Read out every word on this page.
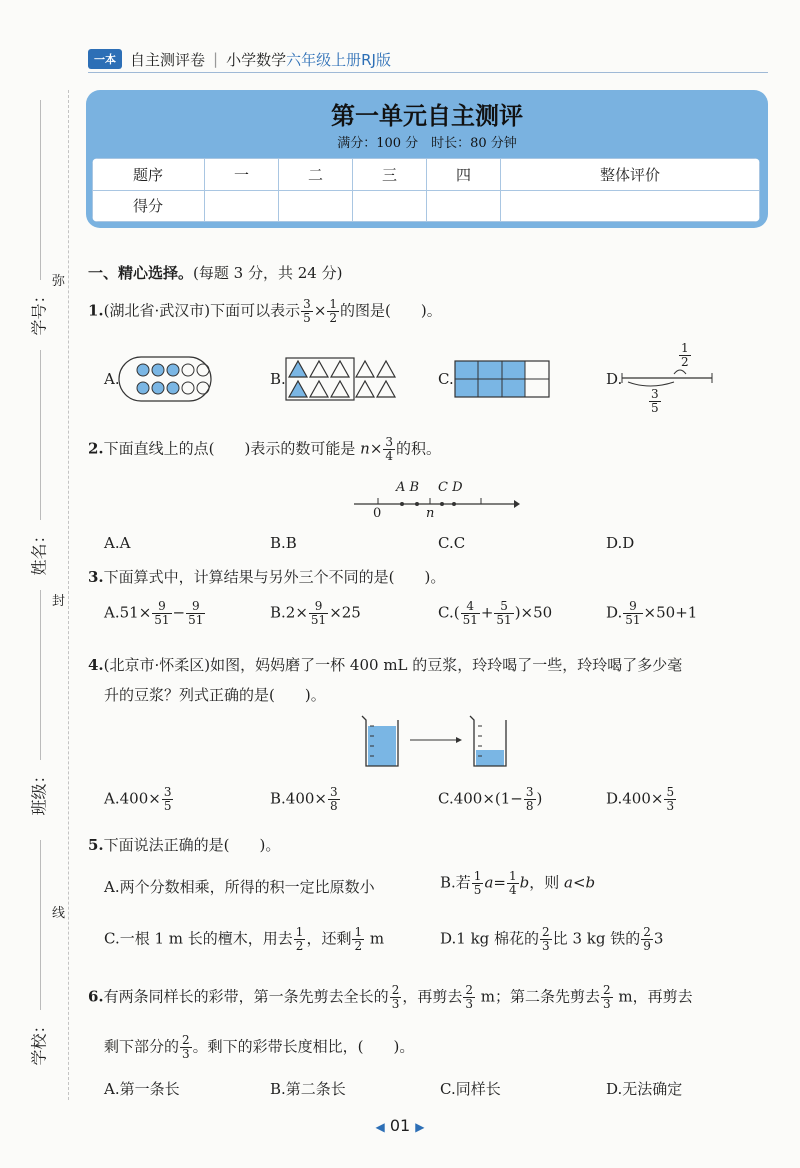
一本 自主测评卷 | 小学数学 六年级上册RJ版
第一单元自主测评
满分：100 分　时长：80 分钟
题序	一	二	三	四	整体评价
得分					
学号：
姓名：
班级：
学校：
弥
封
线
一、精心选择。(每题 3 分，共 24 分)
1.(湖北省·武汉市)下面可以表示 $\frac{3}{5} \times \frac{1}{2}$ 的图是(　　)。
A.	B.	C.	D.
$\frac{1}{2}$
$\frac{3}{5}$
2.下面直线上的点(　　)表示的数可能是 $n\times \frac{3}{4}$ 的积。
A B C D
0	n
A.A	B.B	C.C	D.D
3.下面算式中，计算结果与另外三个不同的是(　　)。
$A.51\times \frac{9}{51} - \frac{9}{51}$	$B.2\times \frac{9}{51} \times 25$	$C.( \frac{4}{51} + \frac{5}{51} )\times 50$	D. $\frac{9}{51} \times 50+1$
4.(北京市·怀柔区)如图，妈妈磨了一杯 400 mL 的豆浆，玲玲喝了一些，玲玲喝了多少毫
升的豆浆？列式正确的是(　　)。
$A.400\times \frac{3}{5}$	$B.400\times \frac{3}{8}$	$C.400\times(1- \frac{3}{8}$ )	$D.400\times \frac{5}{3}$
5.下面说法正确的是(　　)。
A.两个分数相乘，所得的积一定比原数小	B.若 $\frac{1}{5} a= \frac{1}{4}$ b，则 a<b
C.一根 1 m 长的檀木，用去 $\frac{1}{2}$ ，还剩 $\frac{1}{2}$ m	D.1 kg 棉花的 $\frac{2}{3}$ 比 3 kg 铁的 $\frac{2}{9} 3$
6.有两条同样长的彩带，第一条先剪去全长的 $\frac{2}{3}$ ，再剪去 $\frac{2}{3}$ m；第二条先剪去 $\frac{2}{3}$ m，再剪去
剩下部分的 $\frac{2}{3}$ 。剩下的彩带长度相比，(　　)。
A.第一条长	B.第二条长	C.同样长	D.无法确定
◀ 01 ▶
